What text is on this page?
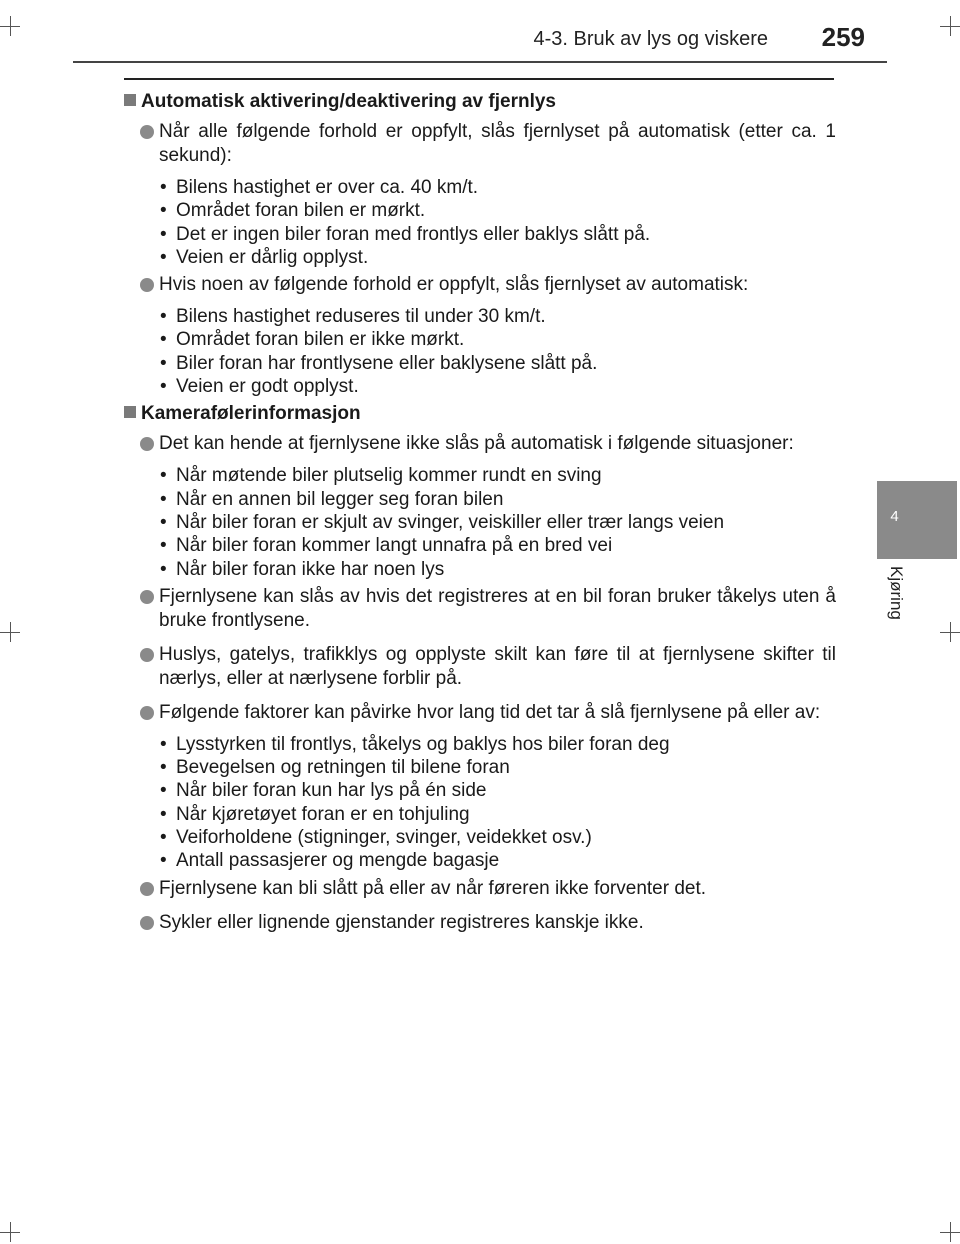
4-3. Bruk av lys og viskere 259
4
Kjøring
Automatisk aktivering/deaktivering av fjernlys
Når alle følgende forhold er oppfylt, slås fjernlyset på automatisk (etter ca. 1 sekund):
• Bilens hastighet er over ca. 40 km/t.
• Området foran bilen er mørkt.
• Det er ingen biler foran med frontlys eller baklys slått på.
• Veien er dårlig opplyst.
Hvis noen av følgende forhold er oppfylt, slås fjernlyset av automatisk:
• Bilens hastighet reduseres til under 30 km/t.
• Området foran bilen er ikke mørkt.
• Biler foran har frontlysene eller baklysene slått på.
• Veien er godt opplyst.
Kamerafølerinformasjon
Det kan hende at fjernlysene ikke slås på automatisk i følgende situasjoner:
• Når møtende biler plutselig kommer rundt en sving
• Når en annen bil legger seg foran bilen
• Når biler foran er skjult av svinger, veiskiller eller trær langs veien
• Når biler foran kommer langt unnafra på en bred vei
• Når biler foran ikke har noen lys
Fjernlysene kan slås av hvis det registreres at en bil foran bruker tåkelys uten å bruke frontlysene.
Huslys, gatelys, trafikklys og opplyste skilt kan føre til at fjernlysene skifter til nærlys, eller at nærlysene forblir på.
Følgende faktorer kan påvirke hvor lang tid det tar å slå fjernlysene på eller av:
• Lysstyrken til frontlys, tåkelys og baklys hos biler foran deg
• Bevegelsen og retningen til bilene foran
• Når biler foran kun har lys på én side
• Når kjøretøyet foran er en tohjuling
• Veiforholdene (stigninger, svinger, veidekket osv.)
• Antall passasjerer og mengde bagasje
Fjernlysene kan bli slått på eller av når føreren ikke forventer det.
Sykler eller lignende gjenstander registreres kanskje ikke.
